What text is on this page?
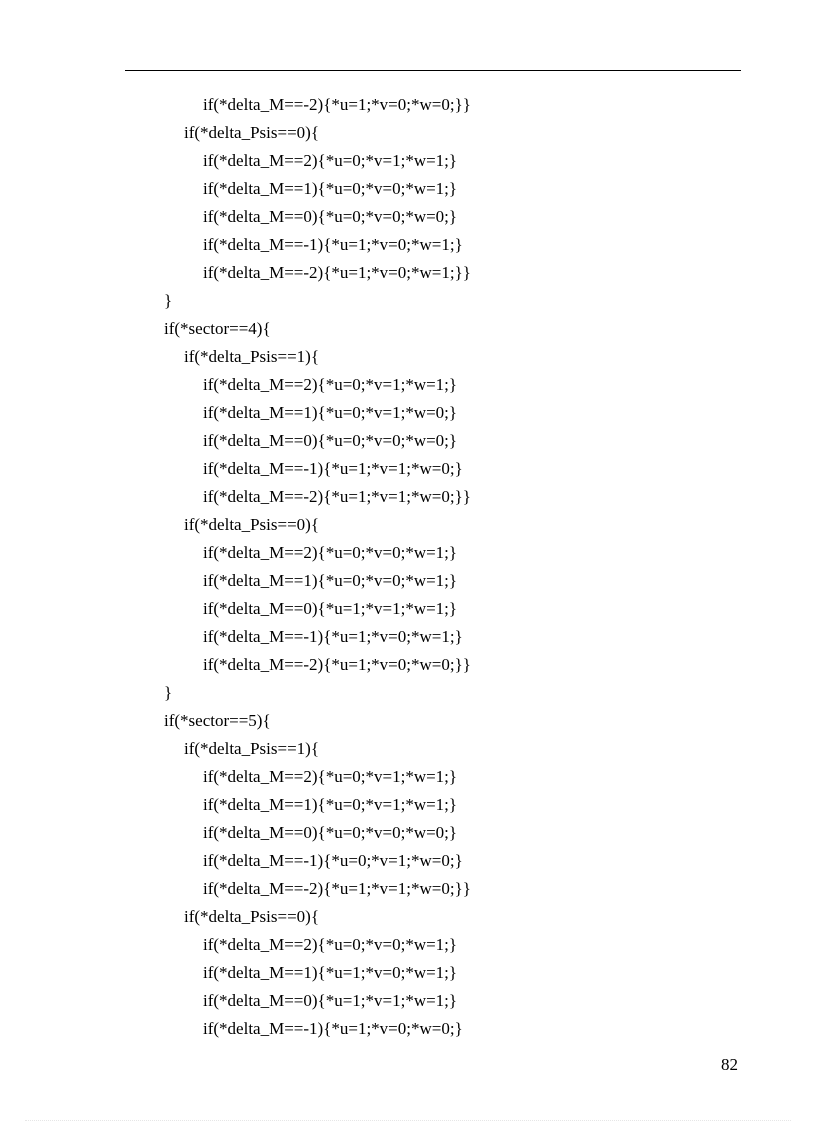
if(*delta_M==-2){*u=1;*v=0;*w=0;}}
if(*delta_Psis==0){
if(*delta_M==2){*u=0;*v=1;*w=1;}
if(*delta_M==1){*u=0;*v=0;*w=1;}
if(*delta_M==0){*u=0;*v=0;*w=0;}
if(*delta_M==-1){*u=1;*v=0;*w=1;}
if(*delta_M==-2){*u=1;*v=0;*w=1;}}
}
if(*sector==4){
if(*delta_Psis==1){
if(*delta_M==2){*u=0;*v=1;*w=1;}
if(*delta_M==1){*u=0;*v=1;*w=0;}
if(*delta_M==0){*u=0;*v=0;*w=0;}
if(*delta_M==-1){*u=1;*v=1;*w=0;}
if(*delta_M==-2){*u=1;*v=1;*w=0;}}
if(*delta_Psis==0){
if(*delta_M==2){*u=0;*v=0;*w=1;}
if(*delta_M==1){*u=0;*v=0;*w=1;}
if(*delta_M==0){*u=1;*v=1;*w=1;}
if(*delta_M==-1){*u=1;*v=0;*w=1;}
if(*delta_M==-2){*u=1;*v=0;*w=0;}}
}
if(*sector==5){
if(*delta_Psis==1){
if(*delta_M==2){*u=0;*v=1;*w=1;}
if(*delta_M==1){*u=0;*v=1;*w=1;}
if(*delta_M==0){*u=0;*v=0;*w=0;}
if(*delta_M==-1){*u=0;*v=1;*w=0;}
if(*delta_M==-2){*u=1;*v=1;*w=0;}}
if(*delta_Psis==0){
if(*delta_M==2){*u=0;*v=0;*w=1;}
if(*delta_M==1){*u=1;*v=0;*w=1;}
if(*delta_M==0){*u=1;*v=1;*w=1;}
if(*delta_M==-1){*u=1;*v=0;*w=0;}
82
